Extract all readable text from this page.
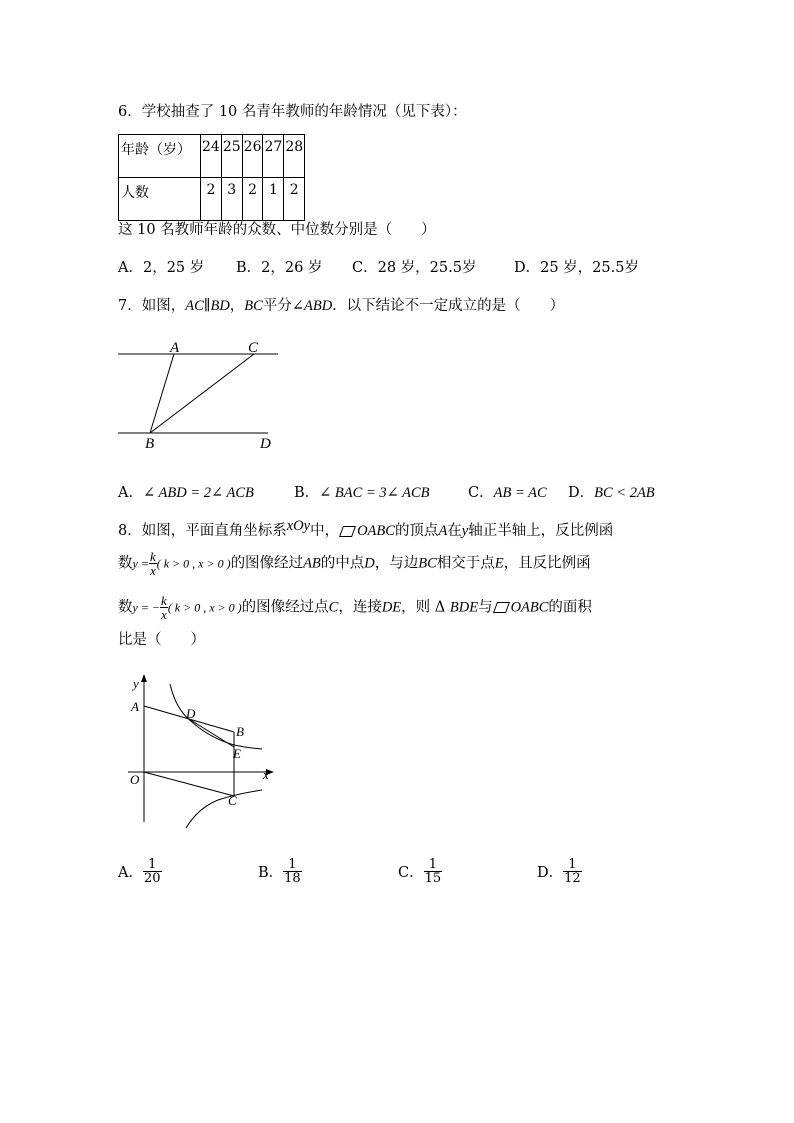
6．学校抽查了 10 名青年教师的年龄情况（见下表）：
年龄（岁）	24	25	26	27	28
人数	2	3	2	1	2
这 10 名教师年龄的众数、中位数分别是（　　）
A．2，25 岁 B．2，26 岁 C．28 岁，25.5岁	D．25 岁，25.5岁
7．如图，AC∥BD，BC平分∠ABD．以下结论不一定成立的是（　　）
A	C
B	D
A．∠ ABD = 2∠ ACB	B．∠ BAC = 3∠ ACB	C．AB = AC D．BC < 2AB
8．如图，平面直角坐标系xOy中， OABC的顶点A在y轴正半轴上，反比例函
数$y = \frac{k}{x}$ ( k > 0 , x > 0 )的图像经过AB的中点D，与边BC相交于点E，且反比例函
数y = − $\frac{k}{x}$ ( k > 0 , x > 0 )的图像经过点C，连接DE，则 Δ BDE与 OABC的面积
比是（　　）
y
A	D
B
E
O	x
C
A． $\frac{1}{20}$	B． $\frac{1}{18}$	C． $\frac{1}{15}$	D． $\frac{1}{12}$
